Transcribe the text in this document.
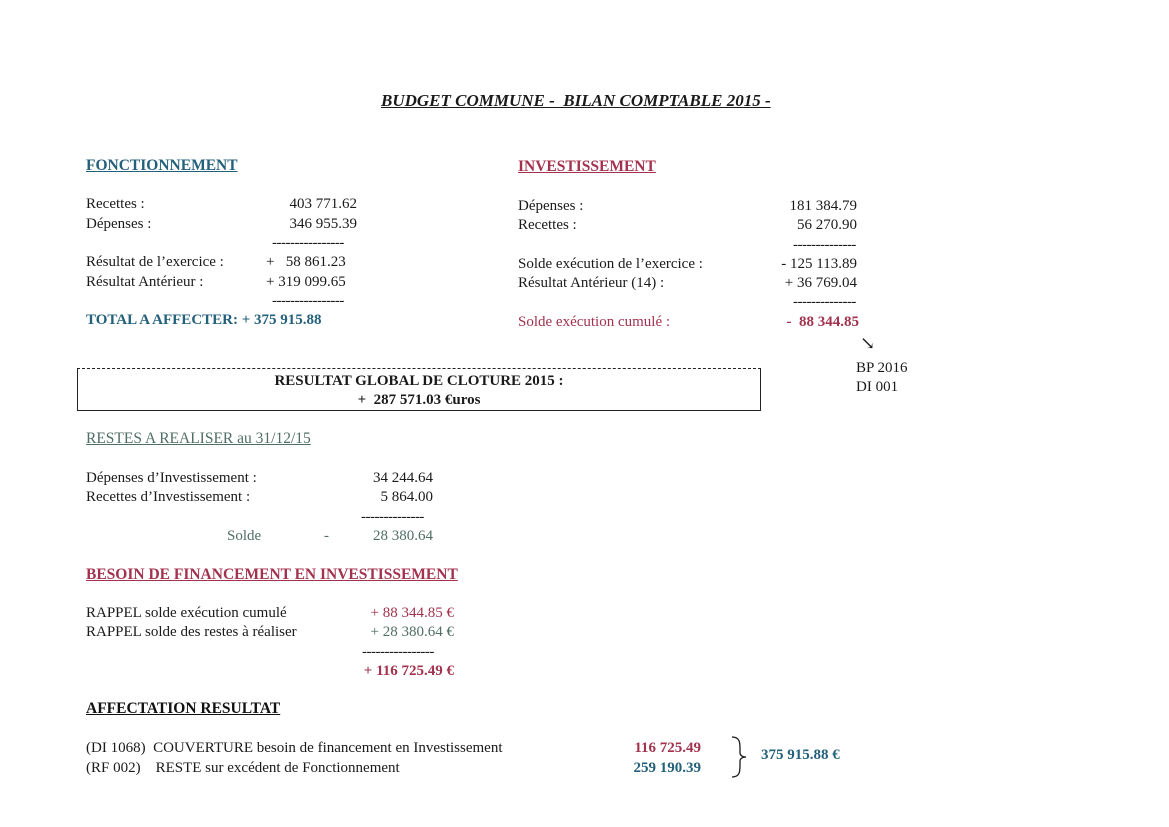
BUDGET COMMUNE -  BILAN COMPTABLE 2015 -
FONCTIONNEMENT
Recettes :	403 771.62
Dépenses :	346 955.39
----------------
Résultat de l’exercice :	+   58 861.23
Résultat Antérieur :	+ 319 099.65
----------------
TOTAL A AFFECTER: + 375 915.88
INVESTISSEMENT
Dépenses :	181 384.79
Recettes :	56 270.90
--------------
Solde exécution de l’exercice :	- 125 113.89
Résultat Antérieur (14) :	+ 36 769.04
--------------
Solde exécution cumulé :	-  88 344.85
↘
BP 2016
DI 001
RESULTAT GLOBAL DE CLOTURE 2015 :
+  287 571.03 €uros
RESTES A REALISER au 31/12/15
Dépenses d’Investissement :	34 244.64
Recettes d’Investissement :	5 864.00
--------------
Solde	-	28 380.64
BESOIN DE FINANCEMENT EN INVESTISSEMENT
RAPPEL solde exécution cumulé	+ 88 344.85 €
RAPPEL solde des restes à réaliser	+ 28 380.64 €
----------------
+ 116 725.49 €
AFFECTATION RESULTAT
(DI 1068)  COUVERTURE besoin de financement en Investissement	116 725.49
(RF 002)    RESTE sur excédent de Fonctionnement	259 190.39
375 915.88 €
